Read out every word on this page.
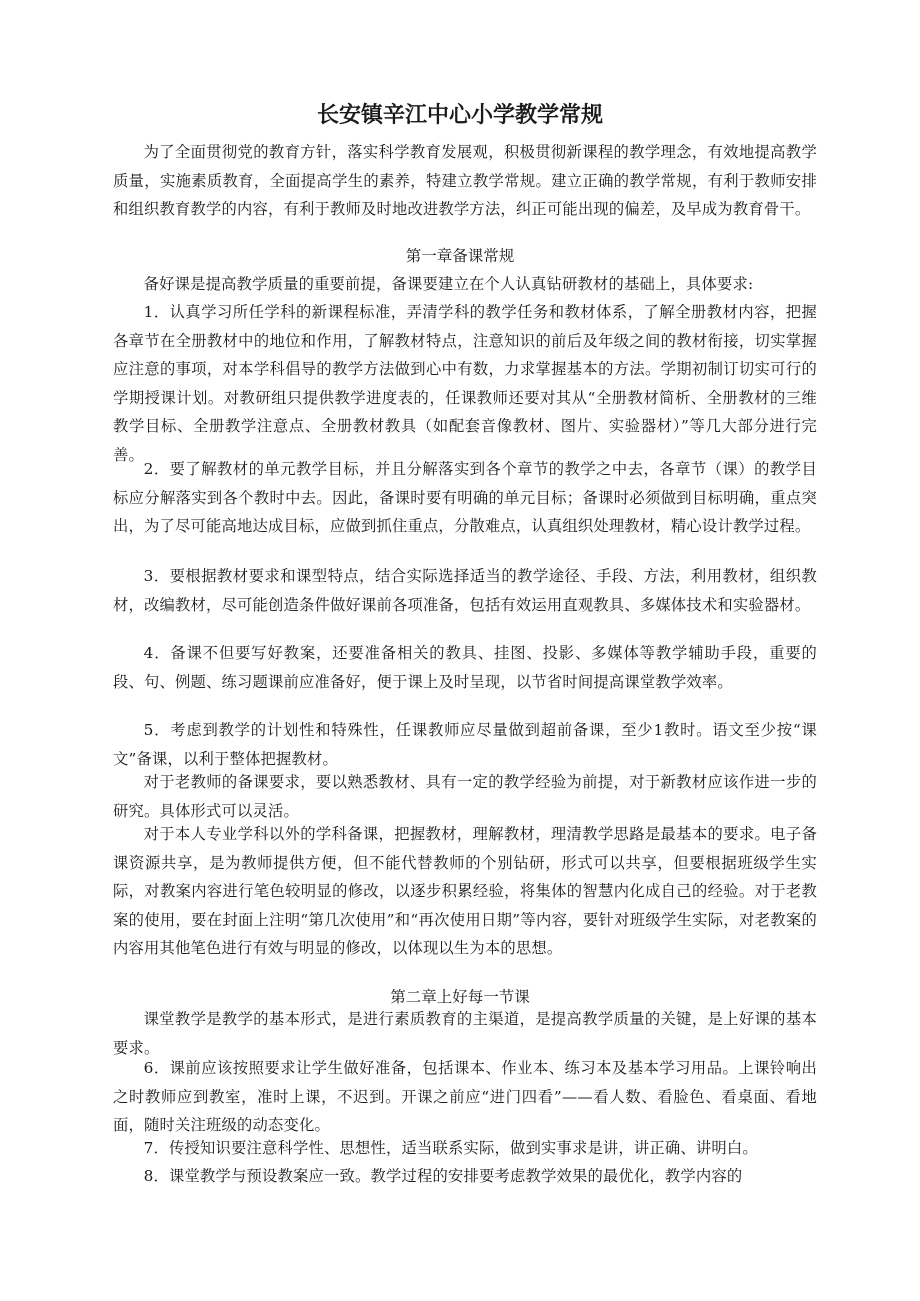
长安镇辛江中心小学教学常规

为了全面贯彻党的教育方针，落实科学教育发展观，积极贯彻新课程的教学理念，有效地提高教学质量，实施素质教育，全面提高学生的素养，特建立教学常规。建立正确的教学常规，有利于教师安排和组织教育教学的内容，有利于教师及时地改进教学方法，纠正可能出现的偏差，及早成为教育骨干。

第一章备课常规

备好课是提高教学质量的重要前提，备课要建立在个人认真钻研教材的基础上，具体要求:

1．认真学习所任学科的新课程标准，弄清学科的教学任务和教材体系，了解全册教材内容，把握各章节在全册教材中的地位和作用，了解教材特点，注意知识的前后及年级之间的教材衔接，切实掌握应注意的事项，对本学科倡导的教学方法做到心中有数，力求掌握基本的方法。学期初制订切实可行的学期授课计划。对教研组只提供教学进度表的，任课教师还要对其从“全册教材简析、全册教材的三维教学目标、全册教学注意点、全册教材教具（如配套音像教材、图片、实验器材）”等几大部分进行完善。

2．要了解教材的单元教学目标，并且分解落实到各个章节的教学之中去，各章节（课）的教学目标应分解落实到各个教时中去。因此，备课时要有明确的单元目标；备课时必须做到目标明确，重点突出，为了尽可能高地达成目标，应做到抓住重点，分散难点，认真组织处理教材，精心设计教学过程。

3．要根据教材要求和课型特点，结合实际选择适当的教学途径、手段、方法，利用教材，组织教材，改编教材，尽可能创造条件做好课前各项准备，包括有效运用直观教具、多媒体技术和实验器材。

4．备课不但要写好教案，还要准备相关的教具、挂图、投影、多媒体等教学辅助手段，重要的段、句、例题、练习题课前应准备好，便于课上及时呈现，以节省时间提高课堂教学效率。

5．考虑到教学的计划性和特殊性，任课教师应尽量做到超前备课，至少1教时。语文至少按“课文”备课，以利于整体把握教材。

对于老教师的备课要求，要以熟悉教材、具有一定的教学经验为前提，对于新教材应该作进一步的研究。具体形式可以灵活。

对于本人专业学科以外的学科备课，把握教材，理解教材，理清教学思路是最基本的要求。电子备课资源共享，是为教师提供方便，但不能代替教师的个别钻研，形式可以共享，但要根据班级学生实际，对教案内容进行笔色较明显的修改，以逐步积累经验，将集体的智慧内化成自己的经验。对于老教案的使用，要在封面上注明“第几次使用”和“再次使用日期”等内容，要针对班级学生实际，对老教案的内容用其他笔色进行有效与明显的修改，以体现以生为本的思想。

第二章上好每一节课

课堂教学是教学的基本形式，是进行素质教育的主渠道，是提高教学质量的关键，是上好课的基本要求。

6．课前应该按照要求让学生做好准备，包括课本、作业本、练习本及基本学习用品。上课铃响出之时教师应到教室，准时上课，不迟到。开课之前应“进门四看”——看人数、看脸色、看桌面、看地面，随时关注班级的动态变化。

7．传授知识要注意科学性、思想性，适当联系实际，做到实事求是讲，讲正确、讲明白。

8．课堂教学与预设教案应一致。教学过程的安排要考虑教学效果的最优化，教学内容的
